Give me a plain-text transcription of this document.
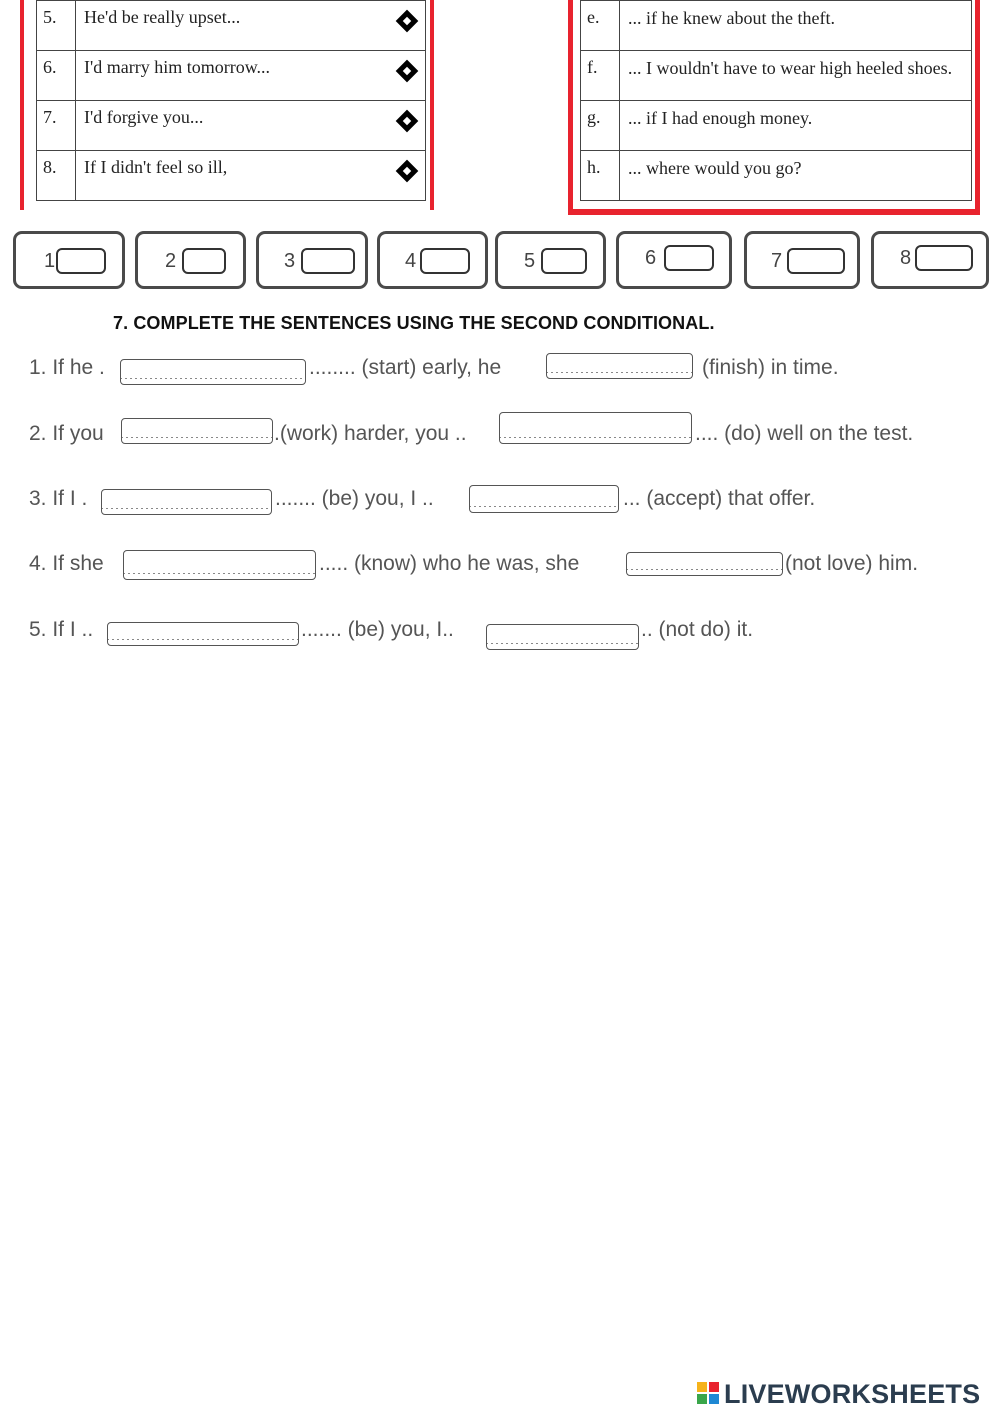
5.	He'd be really upset...

6.	I'd marry him tomorrow...

7.	I'd forgive you...

8.	If I didn't feel so ill,
e.	... if he knew about the theft.
f.	... I wouldn't have to wear high heeled shoes.
g.	... if I had enough money.
h.	... where would you go?
1	2	3	4	5	6	7	8
7. COMPLETE THE SENTENCES USING THE SECOND CONDITIONAL.
1. If he .	........ (start) early, he	(finish) in time.
2. If you	.(work) harder, you ..	.... (do) well on the test.
3. If I .	....... (be) you, I ..	... (accept) that offer.
4. If she	..... (know) who he was, she	(not love) him.
5. If I ..	....... (be) you, I..	.. (not do) it.
LIVEWORKSHEETS
